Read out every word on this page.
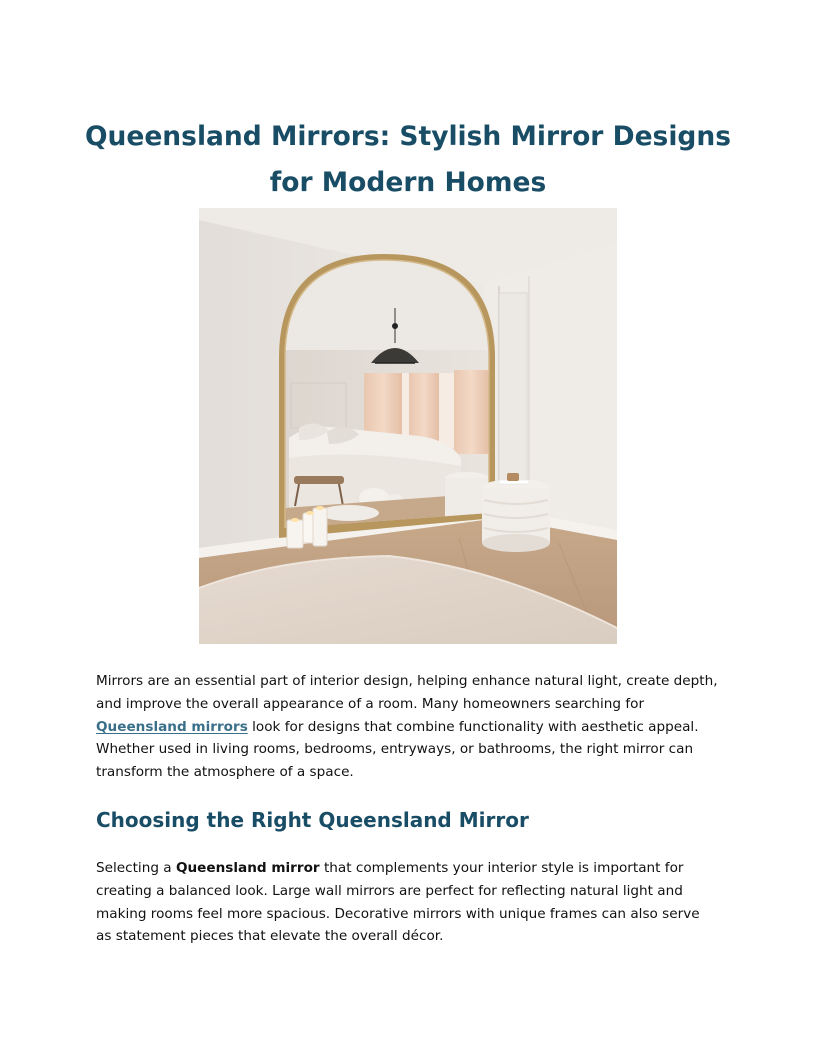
Queensland Mirrors: Stylish Mirror Designs
for Modern Homes

Mirrors are an essential part of interior design, helping enhance natural light, create depth,
and improve the overall appearance of a room. Many homeowners searching for
Queensland mirrors look for designs that combine functionality with aesthetic appeal.
Whether used in living rooms, bedrooms, entryways, or bathrooms, the right mirror can
transform the atmosphere of a space.

Choosing the Right Queensland Mirror

Selecting a Queensland mirror that complements your interior style is important for
creating a balanced look. Large wall mirrors are perfect for reflecting natural light and
making rooms feel more spacious. Decorative mirrors with unique frames can also serve
as statement pieces that elevate the overall décor.
